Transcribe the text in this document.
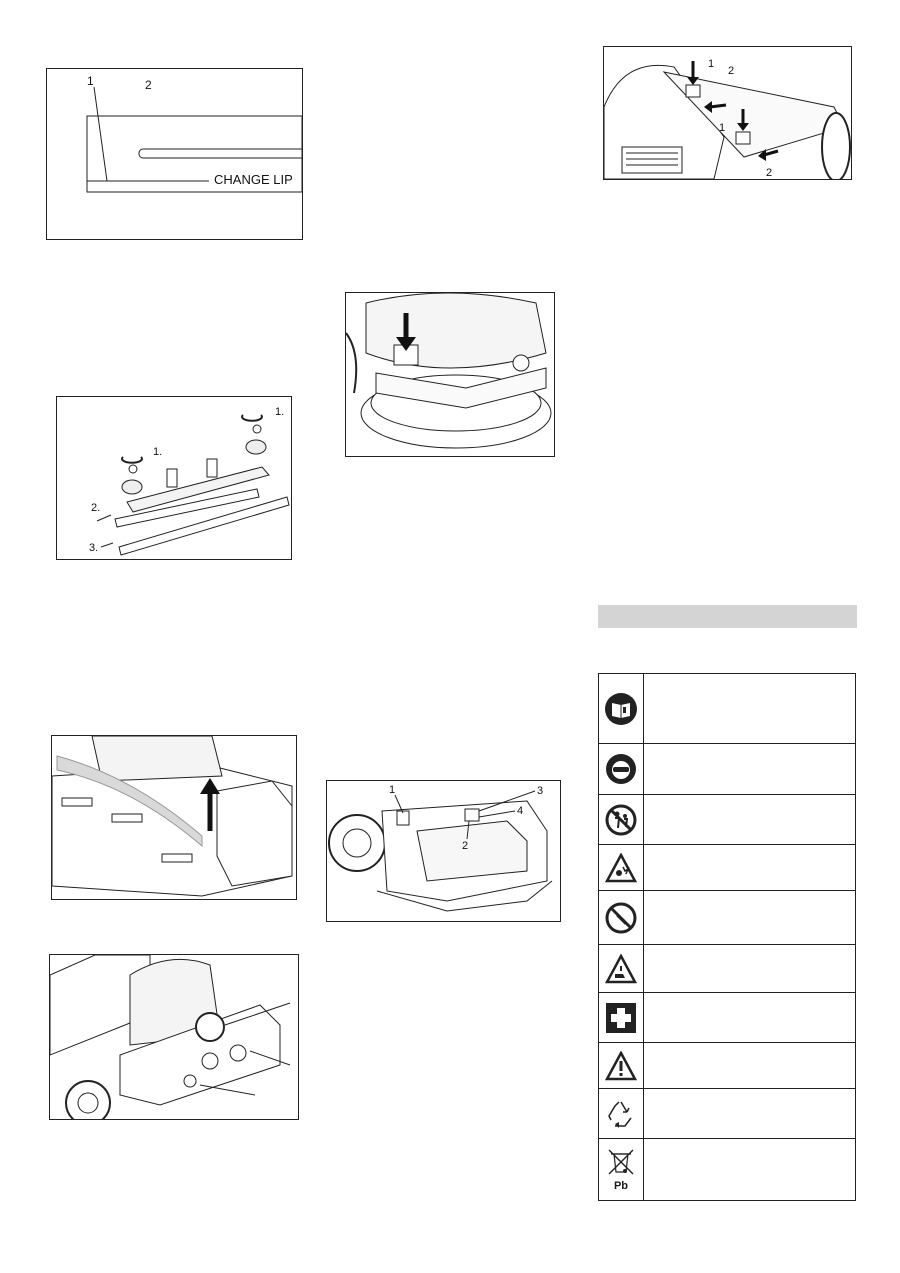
1	2
CHANGE LIP
1.
1.
2.
3.
1
2
3
4
1
1
2
2

Pb	
